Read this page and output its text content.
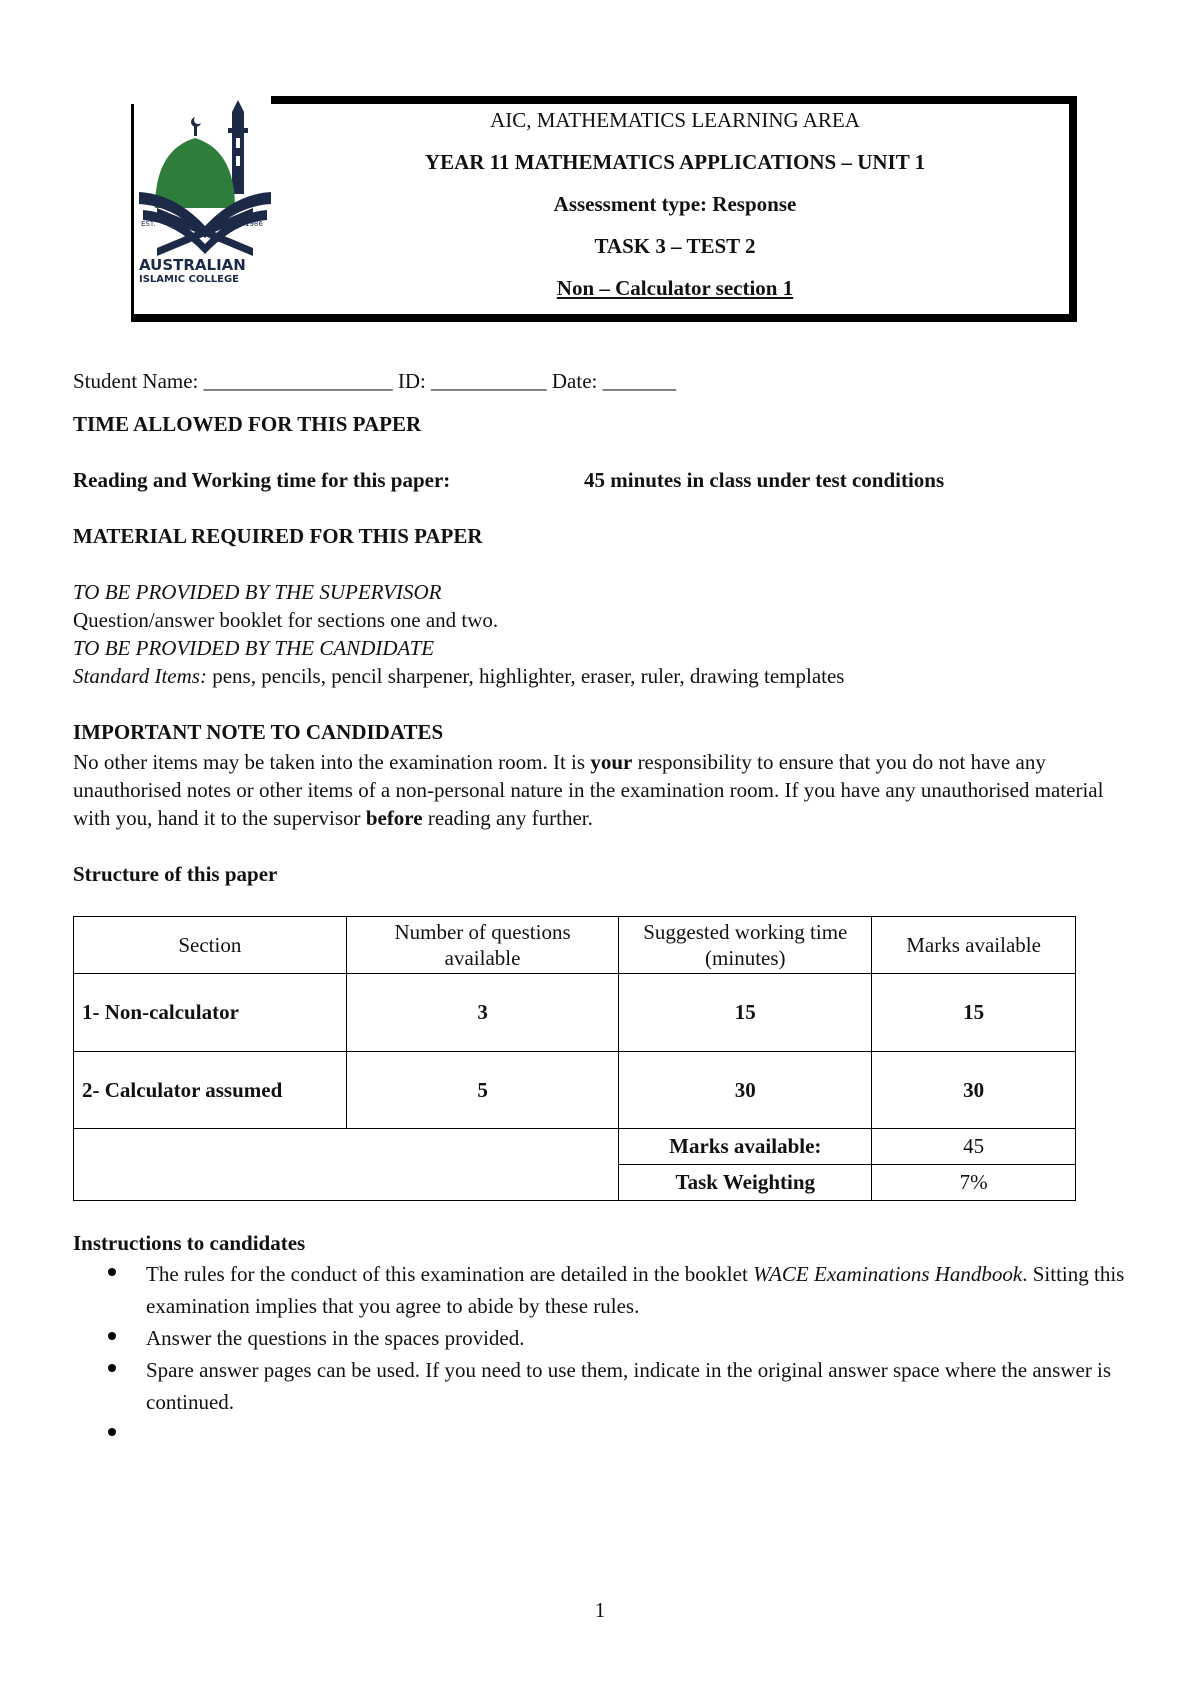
EST.	1986
AUSTRALIAN
ISLAMIC COLLEGE
AIC, MATHEMATICS LEARNING AREA
YEAR 11 MATHEMATICS APPLICATIONS – UNIT 1
Assessment type: Response
TASK 3 – TEST 2
Non – Calculator section 1
Student Name: __________________ ID: ___________ Date: _______
TIME ALLOWED FOR THIS PAPER
Reading and Working time for this paper:	45 minutes in class under test conditions
MATERIAL REQUIRED FOR THIS PAPER
TO BE PROVIDED BY THE SUPERVISOR
Question/answer booklet for sections one and two.
TO BE PROVIDED BY THE CANDIDATE
Standard Items: pens, pencils, pencil sharpener, highlighter, eraser, ruler, drawing templates
IMPORTANT NOTE TO CANDIDATES
No other items may be taken into the examination room. It is your responsibility to ensure that you do not have any unauthorised notes or other items of a non-personal nature in the examination room. If you have any unauthorised material with you, hand it to the supervisor before reading any further.
Structure of this paper
Section	Number of questions available	Suggested working time (minutes)	Marks available
1- Non-calculator	3	15	15
2- Calculator assumed	5	30	30
		Marks available:	45
		Task Weighting	7%
Instructions to candidates
The rules for the conduct of this examination are detailed in the booklet WACE Examinations Handbook. Sitting this examination implies that you agree to abide by these rules.
Answer the questions in the spaces provided.
Spare answer pages can be used. If you need to use them, indicate in the original answer space where the answer is continued.
1
